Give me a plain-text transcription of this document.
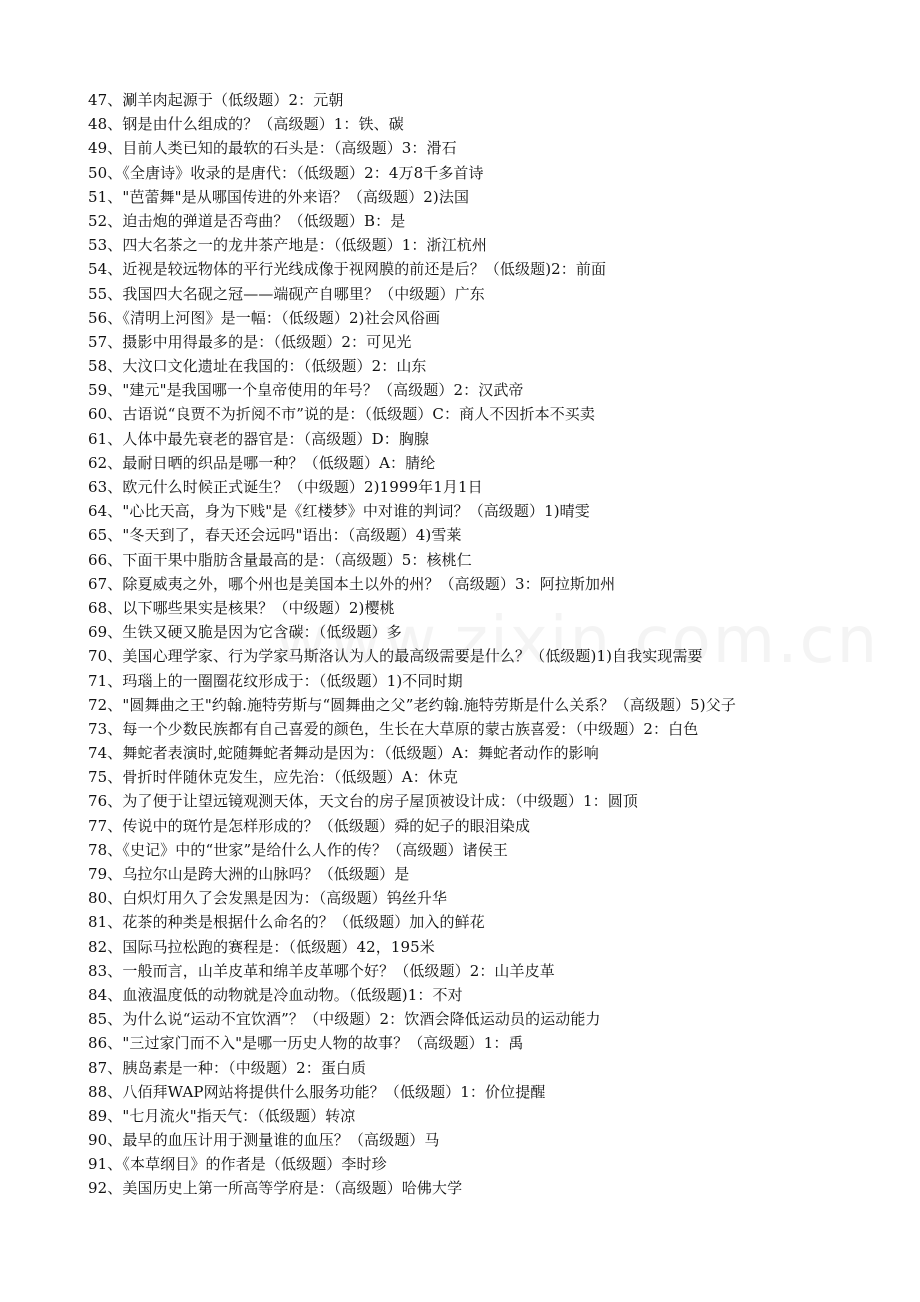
47、涮羊肉起源于（低级题）2：元朝
48、钢是由什么组成的？（高级题）1：铁、碳
49、目前人类已知的最软的石头是：（高级题）3：滑石
50、《全唐诗》收录的是唐代：（低级题）2：4万8千多首诗
51、"芭蕾舞"是从哪国传进的外来语？（高级题）2)法国
52、迫击炮的弹道是否弯曲？（低级题）B：是
53、四大名茶之一的龙井茶产地是：（低级题）1：浙江杭州
54、近视是较远物体的平行光线成像于视网膜的前还是后？（低级题)2：前面
55、我国四大名砚之冠——端砚产自哪里？（中级题）广东
56、《清明上河图》是一幅：（低级题）2)社会风俗画
57、摄影中用得最多的是：（低级题）2：可见光
58、大汶口文化遗址在我国的：（低级题）2：山东
59、"建元"是我国哪一个皇帝使用的年号？（高级题）2：汉武帝
60、古语说“良贾不为折阅不市”说的是：（低级题）C：商人不因折本不买卖
61、人体中最先衰老的器官是：（高级题）D：胸腺
62、最耐日晒的织品是哪一种？（低级题）A：腈纶
63、欧元什么时候正式诞生？（中级题）2)1999年1月1日
64、"心比天高，身为下贱"是《红楼梦》中对谁的判词？（高级题）1)晴雯
65、"冬天到了，春天还会远吗"语出：（高级题）4)雪莱
66、下面干果中脂肪含量最高的是：（高级题）5：核桃仁
67、除夏威夷之外，哪个州也是美国本土以外的州？（高级题）3：阿拉斯加州
68、以下哪些果实是核果？（中级题）2)樱桃
69、生铁又硬又脆是因为它含碳：（低级题）多
70、美国心理学家、行为学家马斯洛认为人的最高级需要是什么？（低级题)1)自我实现需要
71、玛瑙上的一圈圈花纹形成于：（低级题）1)不同时期
72、"圆舞曲之王"约翰.施特劳斯与“圆舞曲之父”老约翰.施特劳斯是什么关系？（高级题）5)父子
73、每一个少数民族都有自己喜爱的颜色，生长在大草原的蒙古族喜爱：（中级题）2：白色
74、舞蛇者表演时,蛇随舞蛇者舞动是因为：（低级题）A：舞蛇者动作的影响
75、骨折时伴随休克发生，应先治：（低级题）A：休克
76、为了便于让望远镜观测天体，天文台的房子屋顶被设计成：（中级题）1：圆顶
77、传说中的斑竹是怎样形成的？（低级题）舜的妃子的眼泪染成
78、《史记》中的“世家”是给什么人作的传？（高级题）诸侯王
79、乌拉尔山是跨大洲的山脉吗？（低级题）是
80、白炽灯用久了会发黑是因为：（高级题）钨丝升华
81、花茶的种类是根据什么命名的？（低级题）加入的鲜花
82、国际马拉松跑的赛程是：（低级题）42，195米
83、一般而言，山羊皮革和绵羊皮革哪个好？（低级题）2：山羊皮革
84、血液温度低的动物就是冷血动物。（低级题)1：不对
85、为什么说“运动不宜饮酒”？（中级题）2：饮酒会降低运动员的运动能力
86、"三过家门而不入"是哪一历史人物的故事？（高级题）1：禹
87、胰岛素是一种：（中级题）2：蛋白质
88、八佰拜WAP网站将提供什么服务功能？（低级题）1：价位提醒
89、"七月流火"指天气：（低级题）转凉
90、最早的血压计用于测量谁的血压？（高级题）马
91、《本草纲目》的作者是（低级题）李时珍
92、美国历史上第一所高等学府是：（高级题）哈佛大学
